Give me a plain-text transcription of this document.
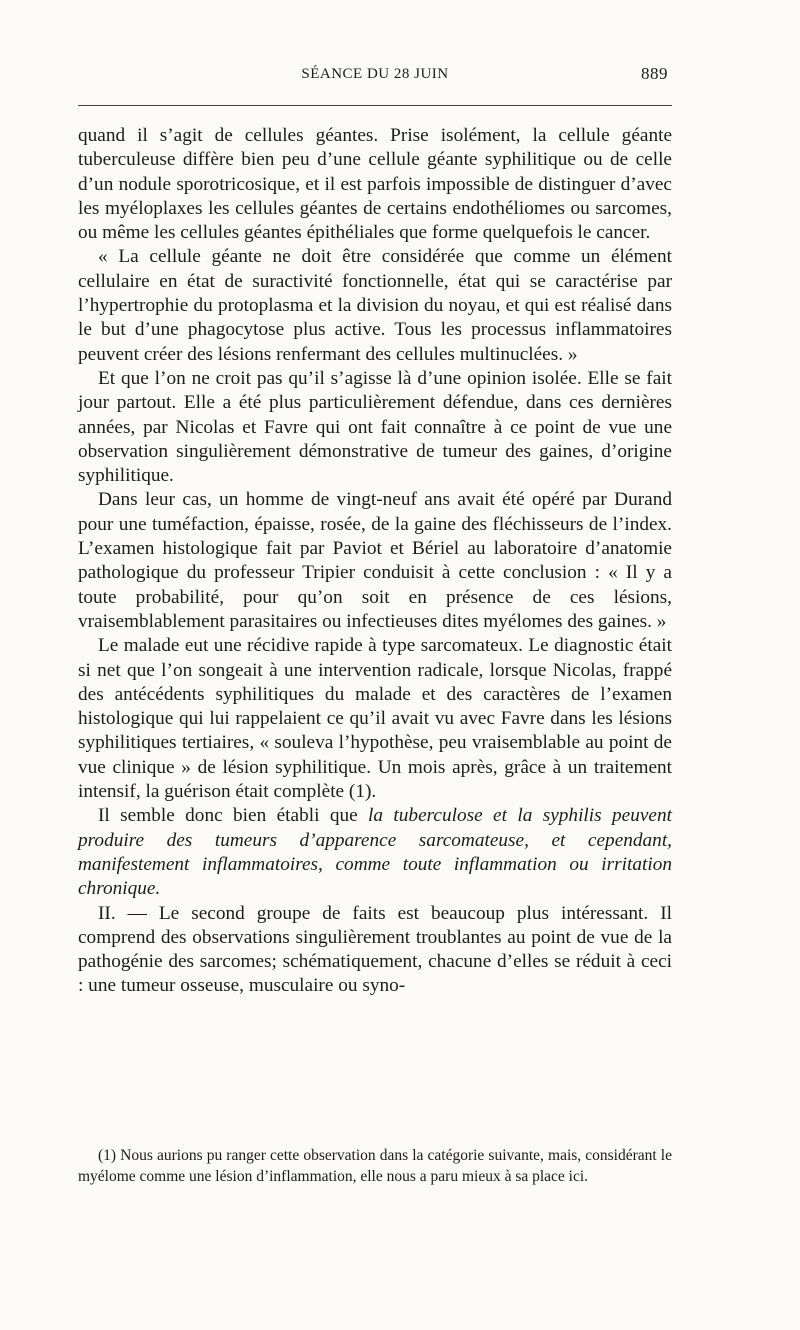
SÉANCE DU 28 JUIN	889

quand il s’agit de cellules géantes. Prise isolément, la cellule géante tuberculeuse diffère bien peu d’une cellule géante syphilitique ou de celle d’un nodule sporotricosique, et il est parfois impossible de distinguer d’avec les myéloplaxes les cellules géantes de certains endothéliomes ou sarcomes, ou même les cellules géantes épithéliales que forme quelquefois le cancer.

« La cellule géante ne doit être considérée que comme un élément cellulaire en état de suractivité fonctionnelle, état qui se caractérise par l’hypertrophie du protoplasma et la division du noyau, et qui est réalisé dans le but d’une phagocytose plus active. Tous les processus inflammatoires peuvent créer des lésions renfermant des cellules multinuclées. »

Et que l’on ne croit pas qu’il s’agisse là d’une opinion isolée. Elle se fait jour partout. Elle a été plus particulièrement défendue, dans ces dernières années, par Nicolas et Favre qui ont fait connaître à ce point de vue une observation singulièrement démonstrative de tumeur des gaines, d’origine syphilitique.

Dans leur cas, un homme de vingt-neuf ans avait été opéré par Durand pour une tuméfaction, épaisse, rosée, de la gaine des fléchisseurs de l’index. L’examen histologique fait par Paviot et Bériel au laboratoire d’anatomie pathologique du professeur Tripier conduisit à cette conclusion : « Il y a toute probabilité, pour qu’on soit en présence de ces lésions, vraisemblablement parasitaires ou infectieuses dites myélomes des gaines. »

Le malade eut une récidive rapide à type sarcomateux. Le diagnostic était si net que l’on songeait à une intervention radicale, lorsque Nicolas, frappé des antécédents syphilitiques du malade et des caractères de l’examen histologique qui lui rappelaient ce qu’il avait vu avec Favre dans les lésions syphilitiques tertiaires, « souleva l’hypothèse, peu vraisemblable au point de vue clinique » de lésion syphilitique. Un mois après, grâce à un traitement intensif, la guérison était complète (1).

Il semble donc bien établi que la tuberculose et la syphilis peuvent produire des tumeurs d’apparence sarcomateuse, et cependant, manifestement inflammatoires, comme toute inflammation ou irritation chronique.

II. — Le second groupe de faits est beaucoup plus intéressant. Il comprend des observations singulièrement troublantes au point de vue de la pathogénie des sarcomes; schématiquement, chacune d’elles se réduit à ceci : une tumeur osseuse, musculaire ou syno-

(1) Nous aurions pu ranger cette observation dans la catégorie suivante, mais, considérant le myélome comme une lésion d’inflammation, elle nous a paru mieux à sa place ici.
